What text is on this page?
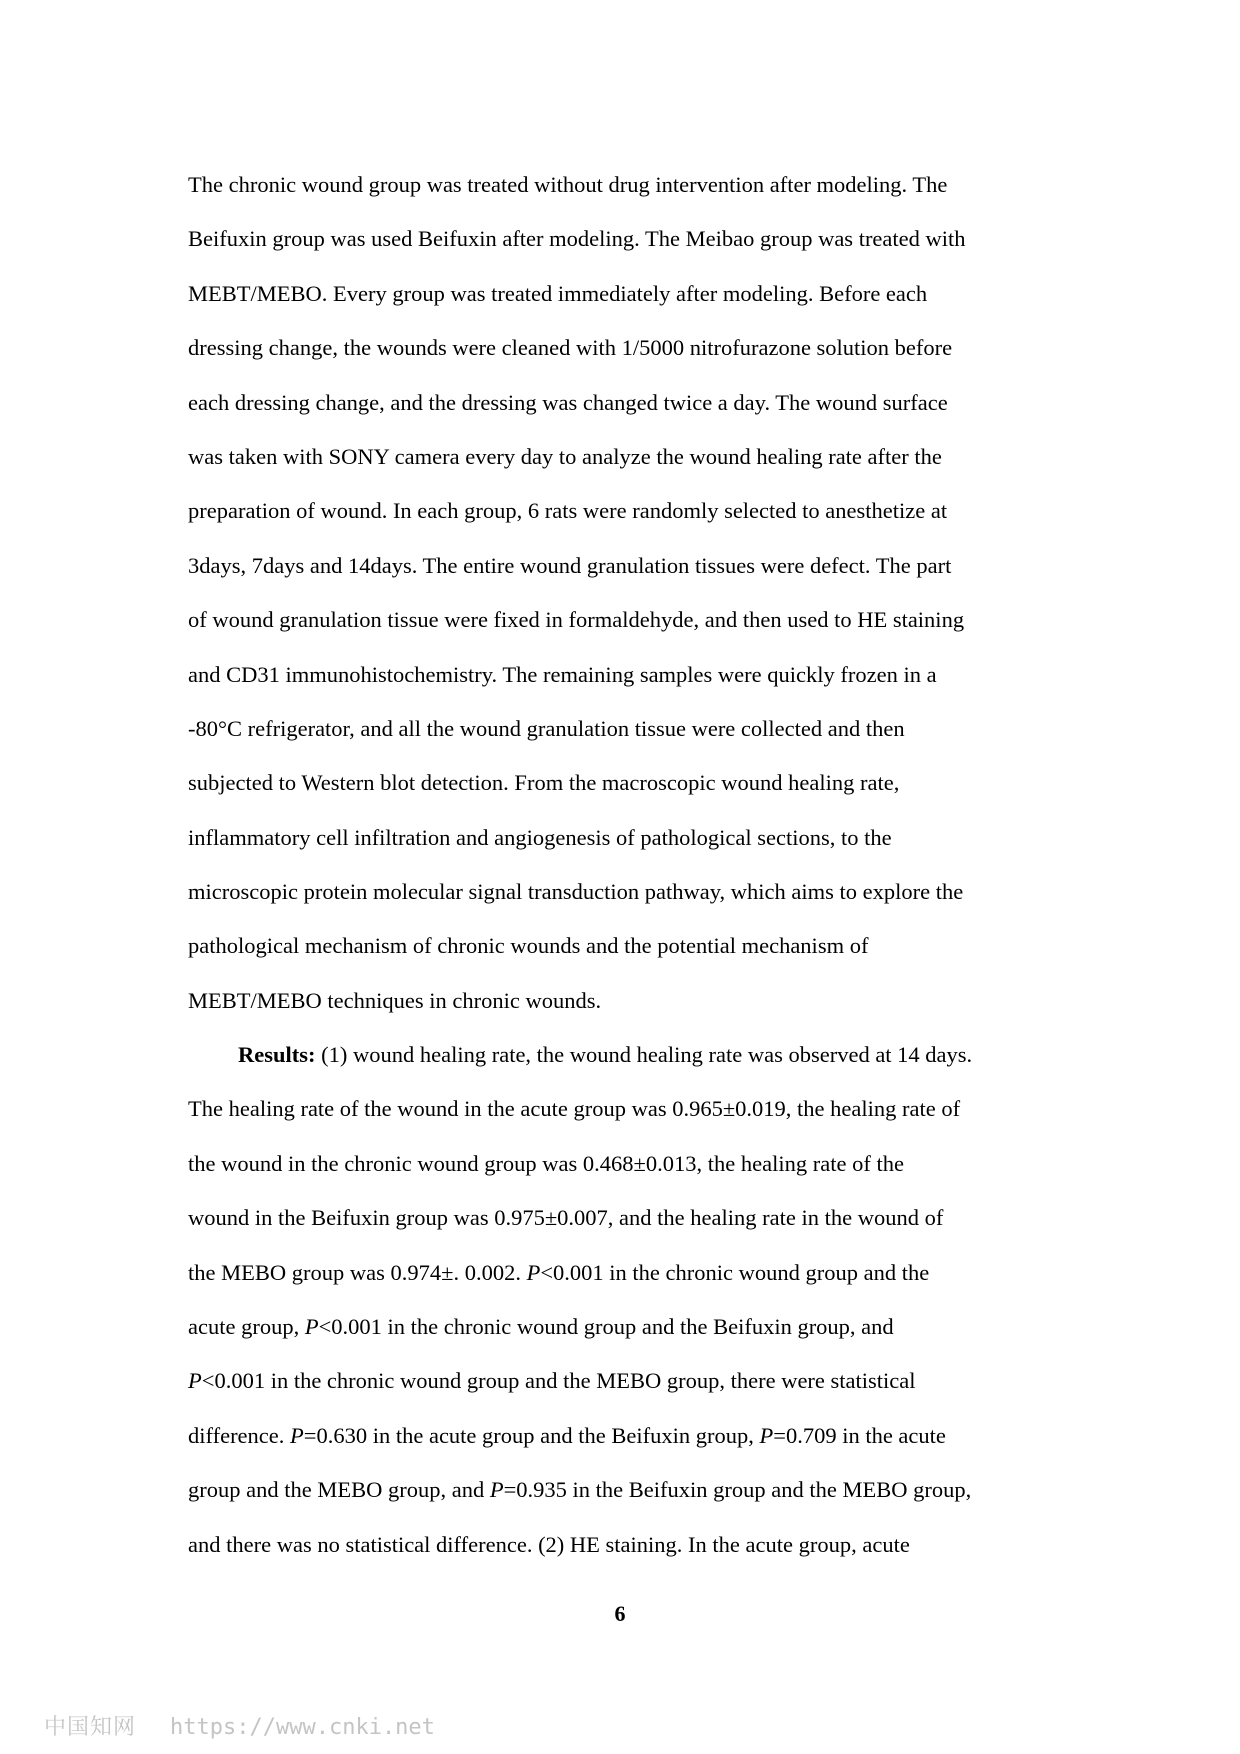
The chronic wound group was treated without drug intervention after modeling. The
Beifuxin group was used Beifuxin after modeling. The Meibao group was treated with
MEBT/MEBO. Every group was treated immediately after modeling. Before each
dressing change, the wounds were cleaned with 1/5000 nitrofurazone solution before
each dressing change, and the dressing was changed twice a day. The wound surface
was taken with SONY camera every day to analyze the wound healing rate after the
preparation of wound. In each group, 6 rats were randomly selected to anesthetize at
3days, 7days and 14days. The entire wound granulation tissues were defect. The part
of wound granulation tissue were fixed in formaldehyde, and then used to HE staining
and CD31 immunohistochemistry. The remaining samples were quickly frozen in a
-80°C refrigerator, and all the wound granulation tissue were collected and then
subjected to Western blot detection. From the macroscopic wound healing rate,
inflammatory cell infiltration and angiogenesis of pathological sections, to the
microscopic protein molecular signal transduction pathway, which aims to explore the
pathological mechanism of chronic wounds and the potential mechanism of
MEBT/MEBO techniques in chronic wounds.
Results: (1) wound healing rate, the wound healing rate was observed at 14 days.
The healing rate of the wound in the acute group was 0.965±0.019, the healing rate of
the wound in the chronic wound group was 0.468±0.013, the healing rate of the
wound in the Beifuxin group was 0.975±0.007, and the healing rate in the wound of
the MEBO group was 0.974±. 0.002. P<0.001 in the chronic wound group and the
acute group, P<0.001 in the chronic wound group and the Beifuxin group, and
P<0.001 in the chronic wound group and the MEBO group, there were statistical
difference. P=0.630 in the acute group and the Beifuxin group, P=0.709 in the acute
group and the MEBO group, and P=0.935 in the Beifuxin group and the MEBO group,
and there was no statistical difference. (2) HE staining. In the acute group, acute
6
中国知网 https://www.cnki.net
